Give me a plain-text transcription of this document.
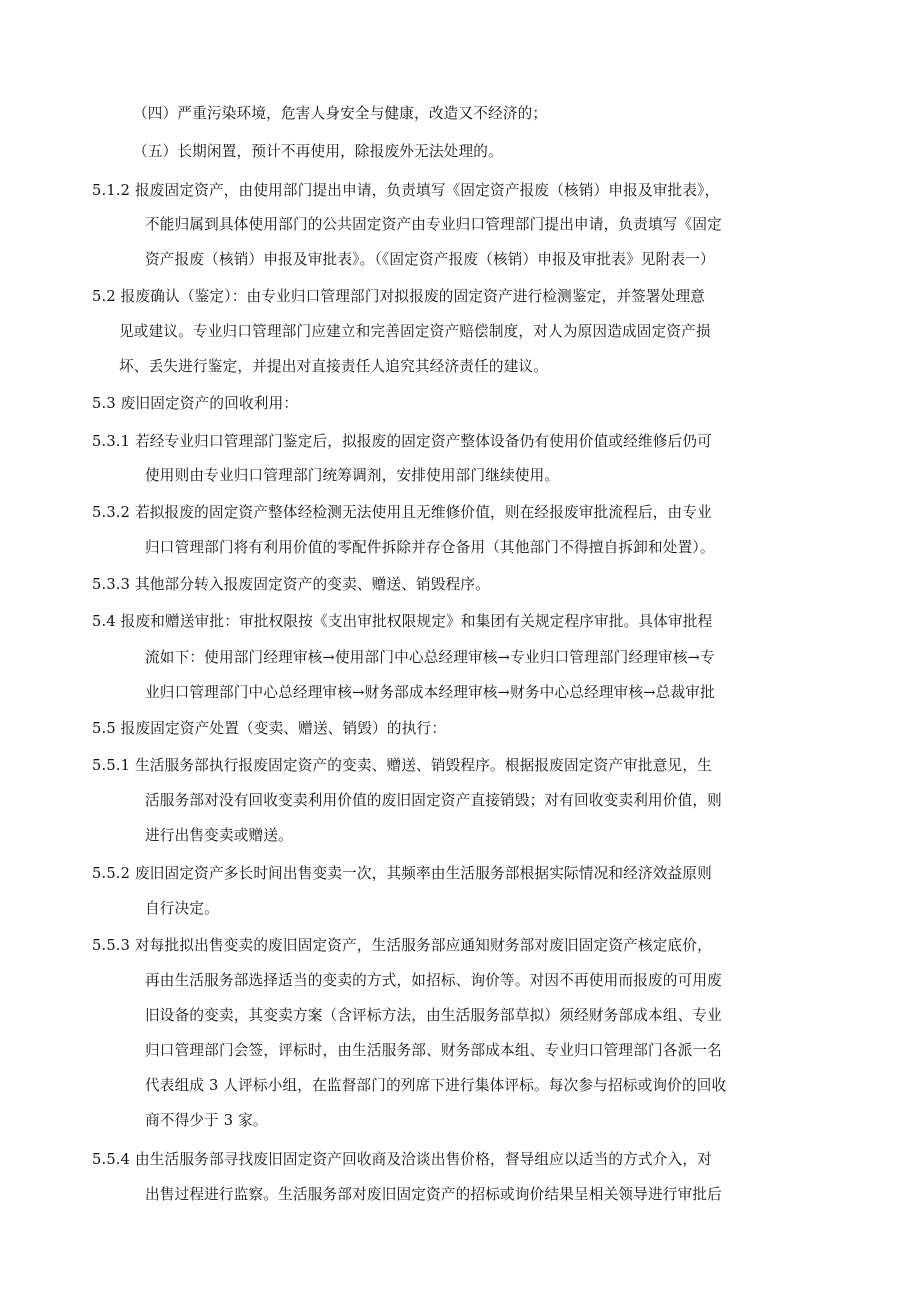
（四）严重污染环境，危害人身安全与健康，改造又不经济的；
（五）长期闲置，预计不再使用，除报废外无法处理的。
5.1.2 报废固定资产，由使用部门提出申请，负责填写《固定资产报废（核销）申报及审批表》，
不能归属到具体使用部门的公共固定资产由专业归口管理部门提出申请，负责填写《固定
资产报废（核销）申报及审批表》。（《固定资产报废（核销）申报及审批表》见附表一）
5.2 报废确认（鉴定）：由专业归口管理部门对拟报废的固定资产进行检测鉴定，并签署处理意
见或建议。专业归口管理部门应建立和完善固定资产赔偿制度，对人为原因造成固定资产损
坏、丢失进行鉴定，并提出对直接责任人追究其经济责任的建议。
5.3 废旧固定资产的回收利用：
5.3.1 若经专业归口管理部门鉴定后，拟报废的固定资产整体设备仍有使用价值或经维修后仍可
使用则由专业归口管理部门统筹调剂，安排使用部门继续使用。
5.3.2 若拟报废的固定资产整体经检测无法使用且无维修价值，则在经报废审批流程后，由专业
归口管理部门将有利用价值的零配件拆除并存仓备用（其他部门不得擅自拆卸和处置）。
5.3.3 其他部分转入报废固定资产的变卖、赠送、销毁程序。
5.4 报废和赠送审批：审批权限按《支出审批权限规定》和集团有关规定程序审批。具体审批程
流如下：使用部门经理审核→使用部门中心总经理审核→专业归口管理部门经理审核→专
业归口管理部门中心总经理审核→财务部成本经理审核→财务中心总经理审核→总裁审批
5.5 报废固定资产处置（变卖、赠送、销毁）的执行：
5.5.1 生活服务部执行报废固定资产的变卖、赠送、销毁程序。根据报废固定资产审批意见，生
活服务部对没有回收变卖利用价值的废旧固定资产直接销毁；对有回收变卖利用价值，则
进行出售变卖或赠送。
5.5.2 废旧固定资产多长时间出售变卖一次，其频率由生活服务部根据实际情况和经济效益原则
自行决定。
5.5.3 对每批拟出售变卖的废旧固定资产，生活服务部应通知财务部对废旧固定资产核定底价，
再由生活服务部选择适当的变卖的方式，如招标、询价等。对因不再使用而报废的可用废
旧设备的变卖，其变卖方案（含评标方法，由生活服务部草拟）须经财务部成本组、专业
归口管理部门会签，评标时，由生活服务部、财务部成本组、专业归口管理部门各派一名
代表组成 3 人评标小组，在监督部门的列席下进行集体评标。每次参与招标或询价的回收
商不得少于 3 家。
5.5.4 由生活服务部寻找废旧固定资产回收商及洽谈出售价格，督导组应以适当的方式介入，对
出售过程进行监察。生活服务部对废旧固定资产的招标或询价结果呈相关领导进行审批后
